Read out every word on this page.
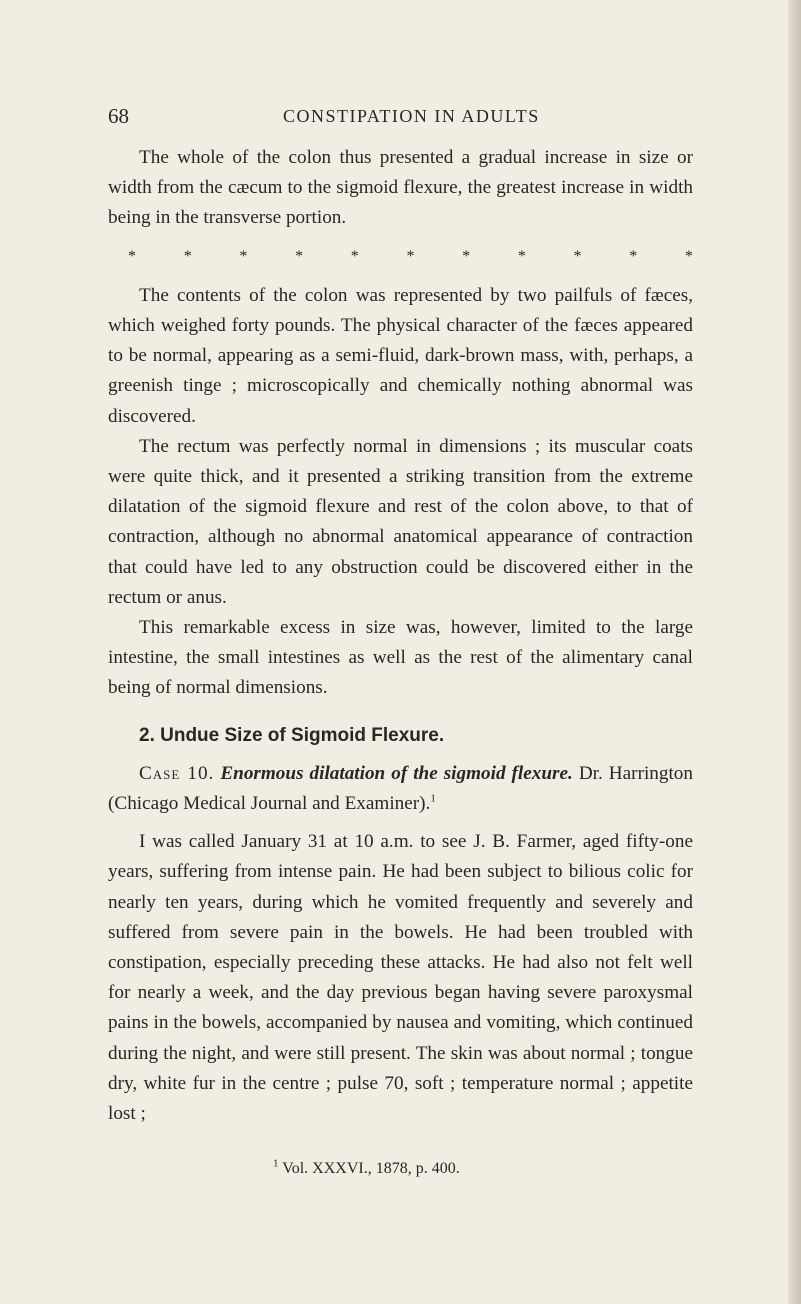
68	CONSTIPATION IN ADULTS

The whole of the colon thus presented a gradual increase in size or width from the cæcum to the sigmoid flexure, the greatest increase in width being in the transverse portion.

*	*	*	*	*	*	*	*	*	*	*

The contents of the colon was represented by two pailfuls of fæces, which weighed forty pounds. The physical character of the fæces appeared to be normal, appearing as a semi-fluid, dark-brown mass, with, perhaps, a greenish tinge ; microscopically and chemically nothing abnormal was discovered.

The rectum was perfectly normal in dimensions ; its muscular coats were quite thick, and it presented a striking transition from the extreme dilatation of the sigmoid flexure and rest of the colon above, to that of contraction, although no abnormal anatomical appearance of contraction that could have led to any obstruction could be discovered either in the rectum or anus.

This remarkable excess in size was, however, limited to the large intestine, the small intestines as well as the rest of the alimentary canal being of normal dimensions.

2. Undue Size of Sigmoid Flexure.

Case 10. Enormous dilatation of the sigmoid flexure. Dr. Harrington (Chicago Medical Journal and Examiner).$^1$

I was called January 31 at 10 a.m. to see J. B. Farmer, aged fifty-one years, suffering from intense pain. He had been subject to bilious colic for nearly ten years, during which he vomited frequently and severely and suffered from severe pain in the bowels. He had been troubled with constipation, especially preceding these attacks. He had also not felt well for nearly a week, and the day previous began having severe paroxysmal pains in the bowels, accompanied by nausea and vomiting, which continued during the night, and were still present. The skin was about normal ; tongue dry, white fur in the centre ; pulse 70, soft ; temperature normal ; appetite lost ;

$^1$ Vol. XXXVI., 1878, p. 400.
